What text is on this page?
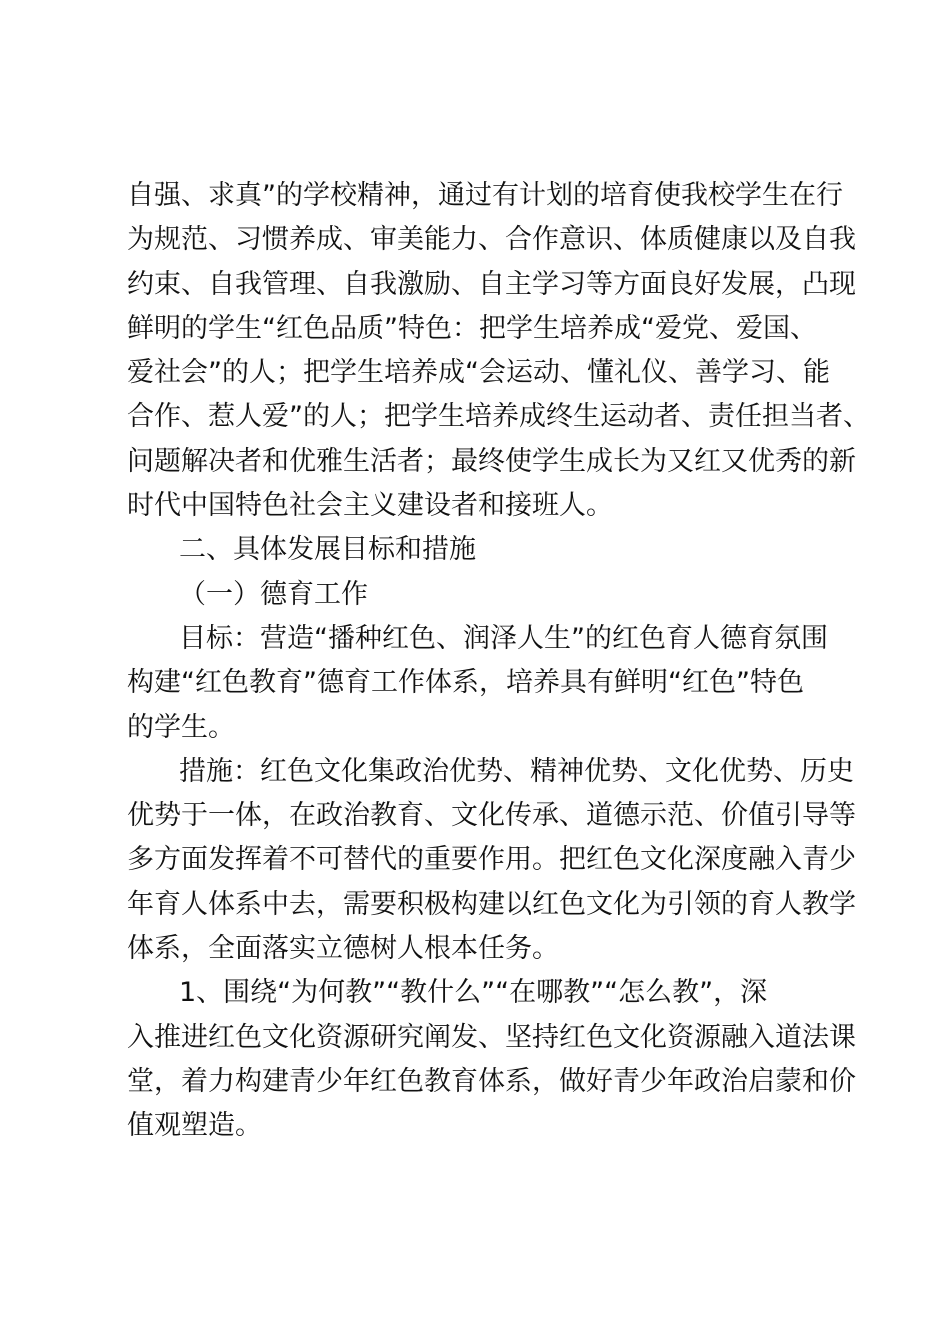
自强、求真”的学校精神，通过有计划的培育使我校学生在行
为规范、习惯养成、审美能力、合作意识、体质健康以及自我
约束、自我管理、自我激励、自主学习等方面良好发展，凸现
鲜明的学生“红色品质”特色：把学生培养成“爱党、爱国、
爱社会”的人；把学生培养成“会运动、懂礼仪、善学习、能
合作、惹人爱”的人；把学生培养成终生运动者、责任担当者、
问题解决者和优雅生活者；最终使学生成长为又红又优秀的新
时代中国特色社会主义建设者和接班人。
二、具体发展目标和措施
（一）德育工作
目标：营造“播种红色、润泽人生”的红色育人德育氛围
构建“红色教育”德育工作体系，培养具有鲜明“红色”特色
的学生。
措施：红色文化集政治优势、精神优势、文化优势、历史
优势于一体，在政治教育、文化传承、道德示范、价值引导等
多方面发挥着不可替代的重要作用。把红色文化深度融入青少
年育人体系中去，需要积极构建以红色文化为引领的育人教学
体系，全面落实立德树人根本任务。
1、围绕“为何教”“教什么”“在哪教”“怎么教”，深
入推进红色文化资源研究阐发、坚持红色文化资源融入道法课
堂，着力构建青少年红色教育体系，做好青少年政治启蒙和价
值观塑造。
